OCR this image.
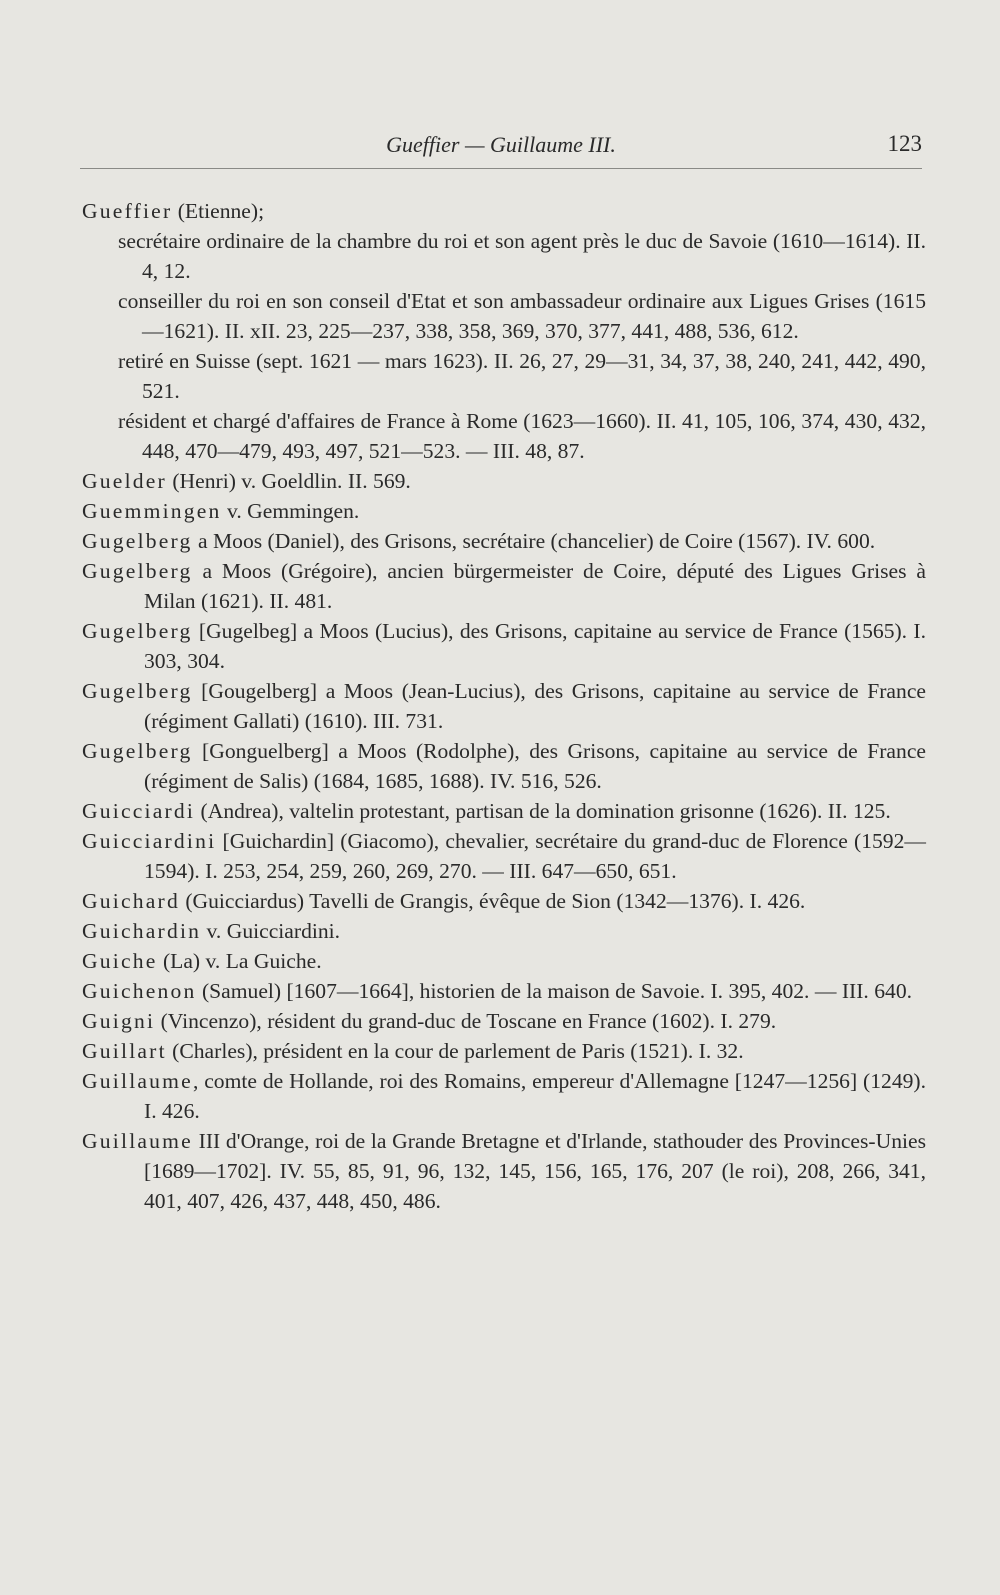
Gueffier — Guillaume III.	123

Gueffier (Etienne);

secrétaire ordinaire de la chambre du roi et son agent près le duc de Savoie (1610—1614). II. 4, 12.

conseiller du roi en son conseil d'Etat et son ambassadeur ordinaire aux Ligues Grises (1615—1621). II. xII. 23, 225—237, 338, 358, 369, 370, 377, 441, 488, 536, 612.

retiré en Suisse (sept. 1621 — mars 1623). II. 26, 27, 29—31, 34, 37, 38, 240, 241, 442, 490, 521.

résident et chargé d'affaires de France à Rome (1623—1660). II. 41, 105, 106, 374, 430, 432, 448, 470—479, 493, 497, 521—523. — III. 48, 87.

Guelder (Henri) v. Goeldlin. II. 569.

Guemmingen v. Gemmingen.

Gugelberg a Moos (Daniel), des Grisons, secrétaire (chancelier) de Coire (1567). IV. 600.

Gugelberg a Moos (Grégoire), ancien bürgermeister de Coire, député des Ligues Grises à Milan (1621). II. 481.

Gugelberg [Gugelbeg] a Moos (Lucius), des Grisons, capitaine au service de France (1565). I. 303, 304.

Gugelberg [Gougelberg] a Moos (Jean-Lucius), des Grisons, capitaine au service de France (régiment Gallati) (1610). III. 731.

Gugelberg [Gonguelberg] a Moos (Rodolphe), des Grisons, capitaine au service de France (régiment de Salis) (1684, 1685, 1688). IV. 516, 526.

Guicciardi (Andrea), valtelin protestant, partisan de la domination grisonne (1626). II. 125.

Guicciardini [Guichardin] (Giacomo), chevalier, secrétaire du grand-duc de Florence (1592—1594). I. 253, 254, 259, 260, 269, 270. — III. 647—650, 651.

Guichard (Guicciardus) Tavelli de Grangis, évêque de Sion (1342—1376). I. 426.

Guichardin v. Guicciardini.

Guiche (La) v. La Guiche.

Guichenon (Samuel) [1607—1664], historien de la maison de Savoie. I. 395, 402. — III. 640.

Guigni (Vincenzo), résident du grand-duc de Toscane en France (1602). I. 279.

Guillart (Charles), président en la cour de parlement de Paris (1521). I. 32.

Guillaume, comte de Hollande, roi des Romains, empereur d'Allemagne [1247—1256] (1249). I. 426.

Guillaume III d'Orange, roi de la Grande Bretagne et d'Irlande, stathouder des Provinces-Unies [1689—1702]. IV. 55, 85, 91, 96, 132, 145, 156, 165, 176, 207 (le roi), 208, 266, 341, 401, 407, 426, 437, 448, 450, 486.
